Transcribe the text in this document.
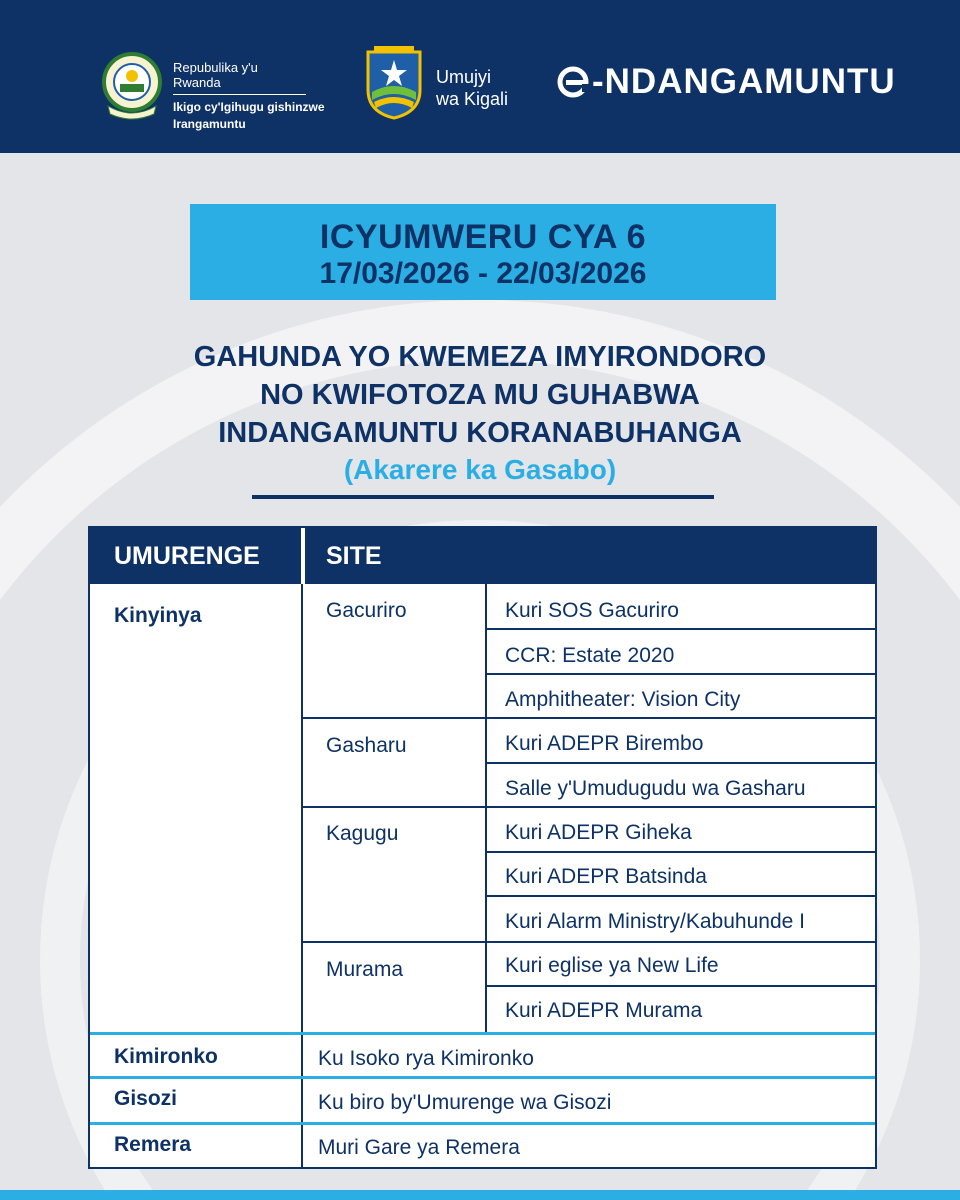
Repubulika y'u Rwanda
Ikigo cy'Igihugu gishinzwe
Irangamuntu
Umujyi
wa Kigali -NDANGAMUNTU
ICYUMWERU CYA 6
17/03/2026 - 22/03/2026
GAHUNDA YO KWEMEZA IMYIRONDORO
NO KWIFOTOZA MU GUHABWA
INDANGAMUNTU KORANABUHANGA
(Akarere ka Gasabo)
UMURENGE	SITE
Kinyinya	Gacuriro	Kuri SOS Gacuriro
CCR: Estate 2020
Amphitheater: Vision City
Gasharu	Kuri ADEPR Birembo
Salle y'Umudugudu wa Gasharu
Kagugu	Kuri ADEPR Giheka
Kuri ADEPR Batsinda
Kuri Alarm Ministry/Kabuhunde I
Murama	Kuri eglise ya New Life
Kuri ADEPR Murama
Kimironko	Ku Isoko rya Kimironko
Gisozi	Ku biro by'Umurenge wa Gisozi
Remera	Muri Gare ya Remera
